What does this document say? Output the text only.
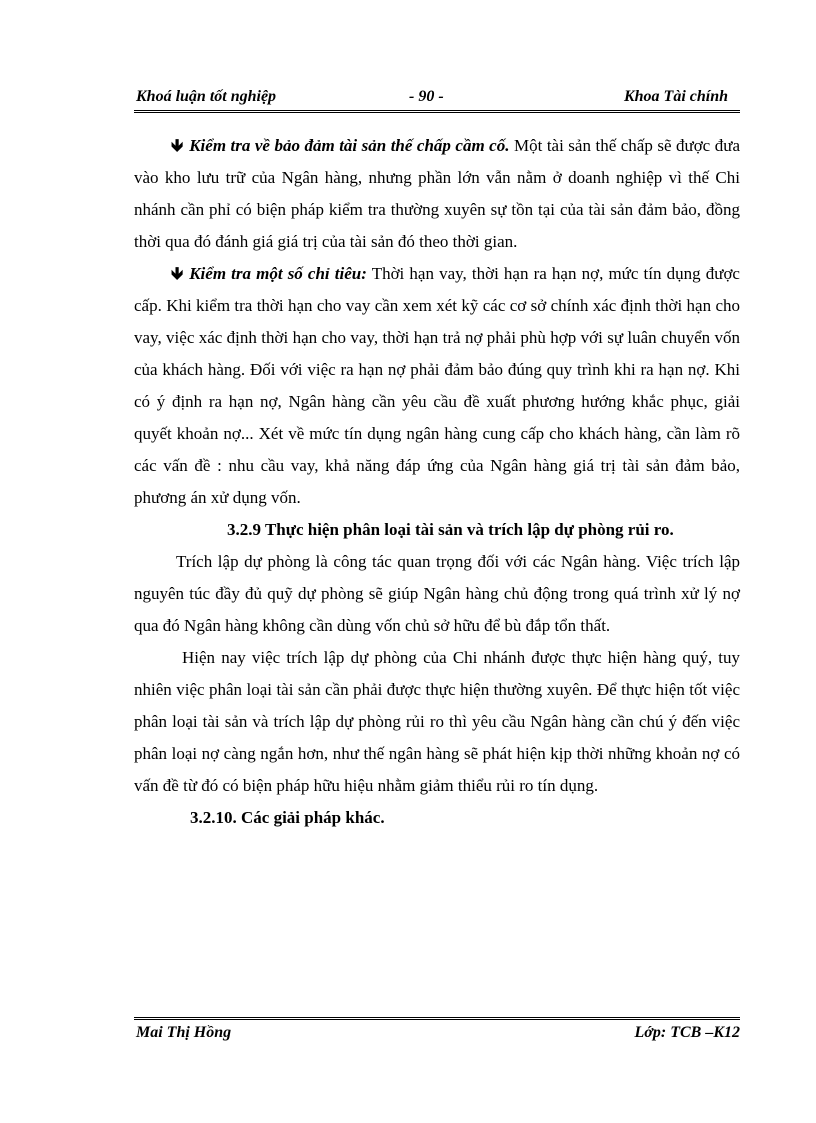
Khoá luận tốt nghiệp	- 90 -	Khoa Tài chính

🡻 Kiểm tra về bảo đảm tài sản thế chấp cầm cố. Một tài sản thế chấp sẽ được đưa vào kho lưu trữ của Ngân hàng, nhưng phần lớn vẫn nằm ở doanh nghiệp vì thế Chi nhánh cần phỉ có biện pháp kiểm tra thường xuyên sự tồn tại của tài sản đảm bảo, đồng thời qua đó đánh giá giá trị của tài sản đó theo thời gian.

🡻 Kiểm tra một số chỉ tiêu: Thời hạn vay, thời hạn ra hạn nợ, mức tín dụng được cấp. Khi kiểm tra thời hạn cho vay cần xem xét kỹ các cơ sở chính xác định thời hạn cho vay, việc xác định thời hạn cho vay, thời hạn trả nợ phải phù hợp với sự luân chuyển vốn của khách hàng. Đối với việc ra hạn nợ phải đảm bảo đúng quy trình khi ra hạn nợ. Khi có ý định ra hạn nợ, Ngân hàng cần yêu cầu đề xuất phương hướng khắc phục, giải quyết khoản nợ... Xét về mức tín dụng ngân hàng cung cấp cho khách hàng, cần làm rõ các vấn đề : nhu cầu vay, khả năng đáp ứng của Ngân hàng giá trị tài sản đảm bảo, phương án xử dụng vốn.

3.2.9 Thực hiện phân loại tài sản và trích lập dự phòng rủi ro.

Trích lập dự phòng là công tác quan trọng đối với các Ngân hàng. Việc trích lập nguyên túc đầy đủ quỹ dự phòng sẽ giúp Ngân hàng chủ động trong quá trình xử lý nợ qua đó Ngân hàng không cần dùng vốn chủ sở hữu để bù đắp tổn thất.

Hiện nay việc trích lập dự phòng của Chi nhánh được thực hiện hàng quý, tuy nhiên việc phân loại tài sản cần phải được thực hiện thường xuyên. Để thực hiện tốt việc phân loại tài sản và trích lập dự phòng rủi ro thì yêu cầu Ngân hàng cần chú ý đến việc phân loại nợ càng ngắn hơn, như thế ngân hàng sẽ phát hiện kịp thời những khoản nợ có vấn đề từ đó có biện pháp hữu hiệu nhằm giảm thiểu rủi ro tín dụng.

3.2.10. Các giải pháp khác.

Mai Thị Hồng	Lớp: TCB –K12
